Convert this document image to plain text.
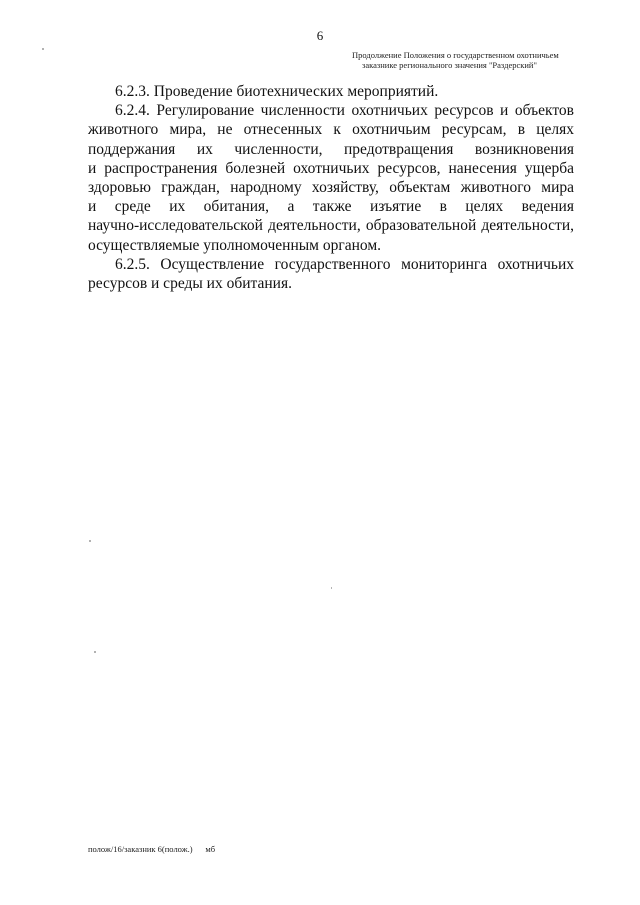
6
Продолжение Положения о государственном охотничьем
заказнике регионального значения "Раздерский"

6.2.3. Проведение биотехнических мероприятий.

6.2.4. Регулирование численности охотничьих ресурсов и объектов
животного мира, не отнесенных к охотничьим ресурсам, в целях
поддержания их численности, предотвращения возникновения
и распространения болезней охотничьих ресурсов, нанесения ущерба
здоровью граждан, народному хозяйству, объектам животного мира
и среде их обитания, а также изъятие в целях ведения
научно-исследовательской деятельности, образовательной деятельности,
осуществляемые уполномоченным органом.

6.2.5. Осуществление государственного мониторинга охотничьих
ресурсов и среды их обитания.

полож/16/заказник 6(полож.) мб
